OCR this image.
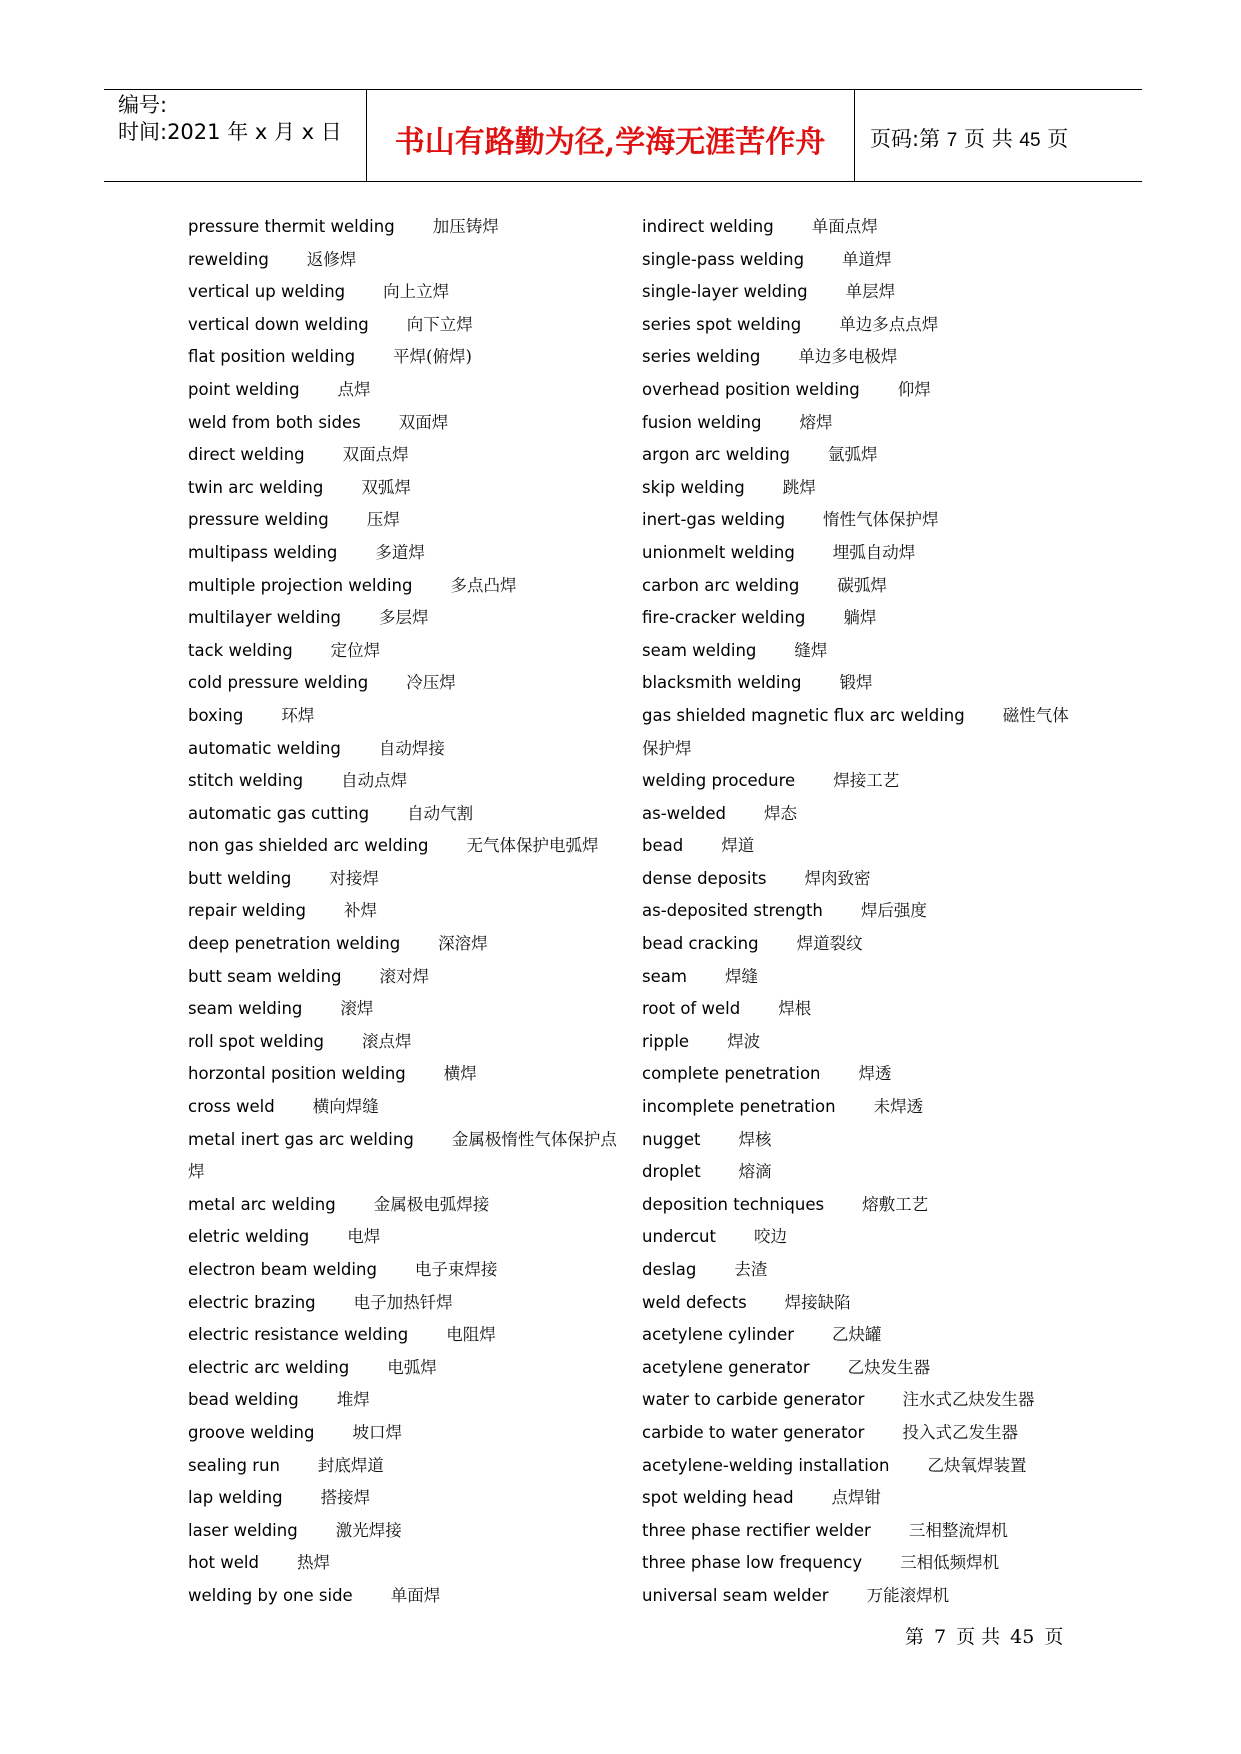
编号:
时间:2021 年 x 月 x 日	书山有路勤为径,学海无涯苦作舟	页码:第 7 页 共 45 页
pressure thermit welding 加压铸焊
rewelding 返修焊
vertical up welding 向上立焊
vertical down welding 向下立焊
flat position welding 平焊(俯焊)
point welding 点焊
weld from both sides 双面焊
direct welding 双面点焊
twin arc welding 双弧焊
pressure welding 压焊
multipass welding 多道焊
multiple projection welding 多点凸焊
multilayer welding 多层焊
tack welding 定位焊
cold pressure welding 冷压焊
boxing 环焊
automatic welding 自动焊接
stitch welding 自动点焊
automatic gas cutting 自动气割
non gas shielded arc welding 无气体保护电弧焊
butt welding 对接焊
repair welding 补焊
deep penetration welding 深溶焊
butt seam welding 滚对焊
seam welding 滚焊
roll spot welding 滚点焊
horzontal position welding 横焊
cross weld 横向焊缝
metal inert gas arc welding 金属极惰性气体保护点焊
metal arc welding 金属极电弧焊接
eletric welding 电焊
electron beam welding 电子束焊接
electric brazing 电子加热钎焊
electric resistance welding 电阻焊
electric arc welding 电弧焊
bead welding 堆焊
groove welding 坡口焊
sealing run 封底焊道
lap welding 搭接焊
laser welding 激光焊接
hot weld 热焊
welding by one side 单面焊
indirect welding 单面点焊
single-pass welding 单道焊
single-layer welding 单层焊
series spot welding 单边多点点焊
series welding 单边多电极焊
overhead position welding 仰焊
fusion welding 熔焊
argon arc welding 氩弧焊
skip welding 跳焊
inert-gas welding 惰性气体保护焊
unionmelt welding 埋弧自动焊
carbon arc welding 碳弧焊
fire-cracker welding 躺焊
seam welding 缝焊
blacksmith welding 锻焊
gas shielded magnetic flux arc welding 磁性气体保护焊
welding procedure 焊接工艺
as-welded 焊态
bead 焊道
dense deposits 焊肉致密
as-deposited strength 焊后强度
bead cracking 焊道裂纹
seam 焊缝
root of weld 焊根
ripple 焊波
complete penetration 焊透
incomplete penetration 未焊透
nugget 焊核
droplet 熔滴
deposition techniques 熔敷工艺
undercut 咬边
deslag 去渣
weld defects 焊接缺陷
acetylene cylinder 乙炔罐
acetylene generator 乙炔发生器
water to carbide generator 注水式乙炔发生器
carbide to water generator 投入式乙发生器
acetylene-welding installation 乙炔氧焊装置
spot welding head 点焊钳
three phase rectifier welder 三相整流焊机
three phase low frequency 三相低频焊机
universal seam welder 万能滚焊机
第 7 页 共 45 页
